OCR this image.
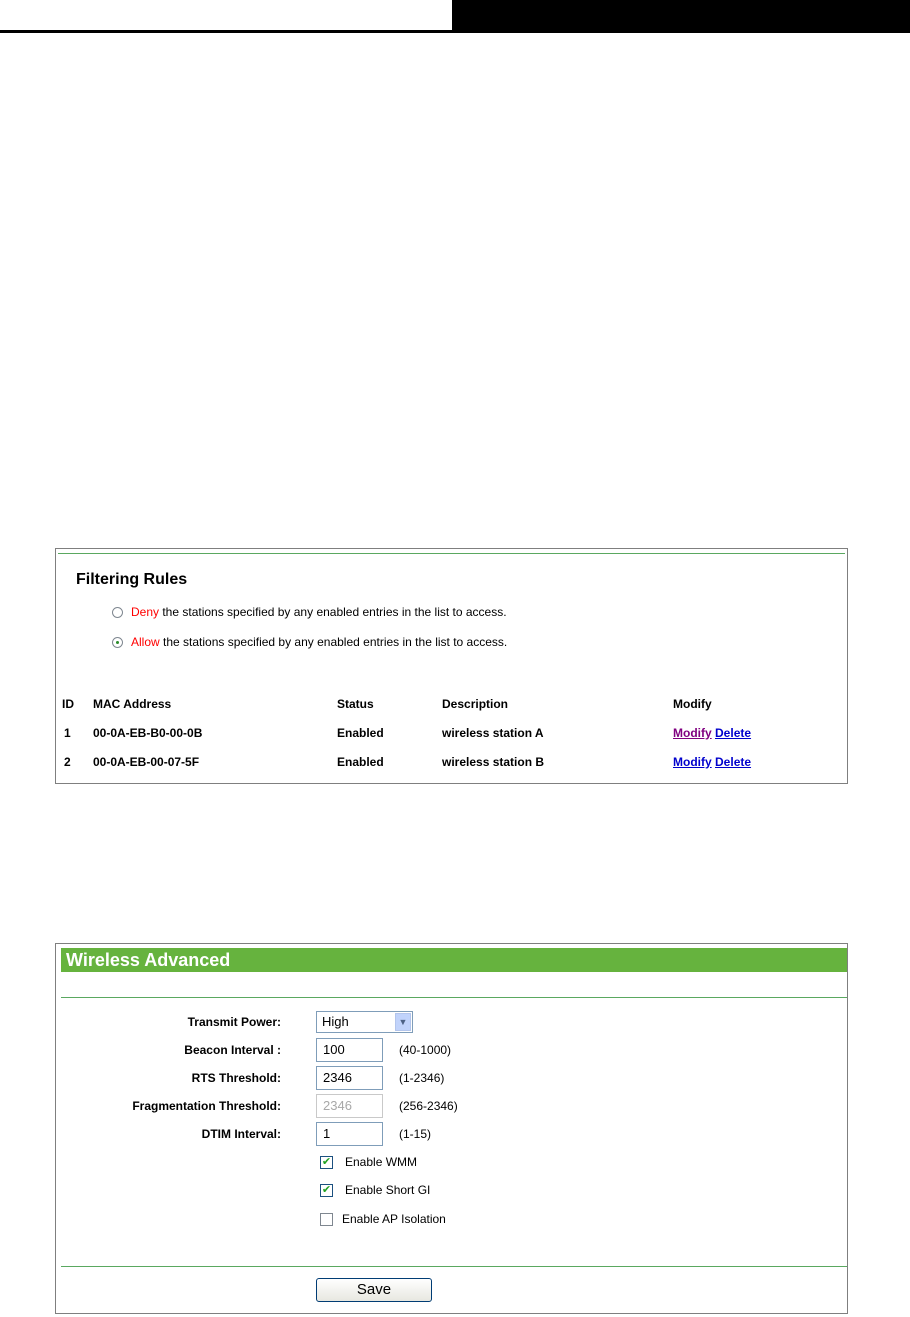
Filtering Rules
Deny the stations specified by any enabled entries in the list to access.
Allow the stations specified by any enabled entries in the list to access.
ID MAC Address	Status	Description	Modify
1 00-0A-EB-B0-00-0B	Enabled	wireless station A	Modify Delete
2 00-0A-EB-00-07-5F	Enabled	wireless station B	Modify Delete
Wireless Advanced
Transmit Power:	High	▼
Beacon Interval :	100	(40-1000)
RTS Threshold:	2346	(1-2346)
Fragmentation Threshold:	2346	(256-2346)
DTIM Interval:	1	(1-15)
✔ Enable WMM
✔ Enable Short GI
Enable AP Isolation
Save
